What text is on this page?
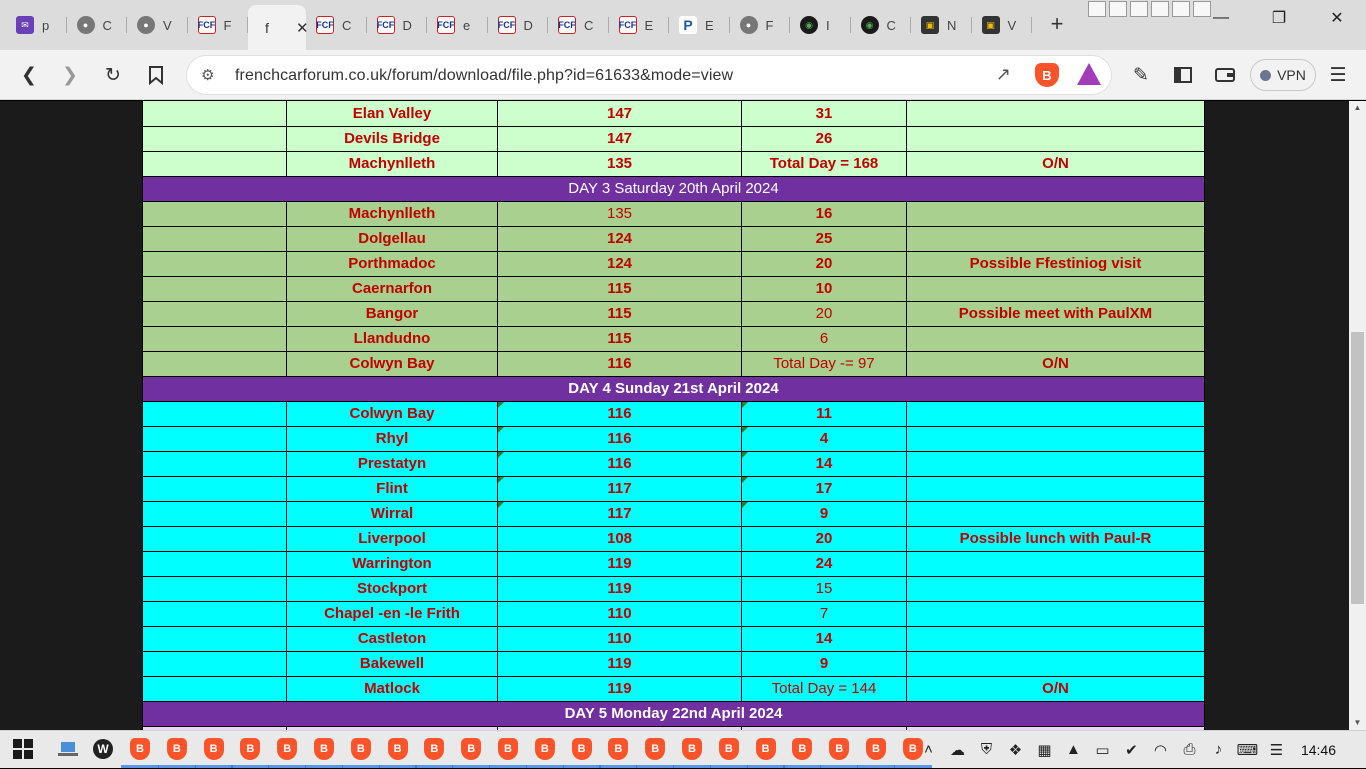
✉	p	●	C	●	V	FCF F	f	✕ FCF C	FCF D	FCF e	FCF D	FCF C	FCF E	P E	●	F	◉	I	◉	C	▣ N	▣ V +	—	❐	✕
❮ ❯ ↻	⚙ frenchcarforum.co.uk/forum/download/file.php?id=61633&mode=view	↗	B	✎	VPN ☰
	Elan Valley	147	31	
	Devils Bridge	147	26	
	Machynlleth	135	Total Day = 168	O/N
DAY 3 Saturday 20th April 2024				
	Machynlleth	135	16	
	Dolgellau	124	25	
	Porthmadoc	124	20	Possible Ffestiniog visit
	Caernarfon	115	10	
	Bangor	115	20	Possible meet with PaulXM
	Llandudno	115	6	
	Colwyn Bay	116	Total Day -= 97	O/N
DAY 4 Sunday 21st April 2024				
	Colwyn Bay	116	11	
	Rhyl	116	4	
	Prestatyn	116	14	
	Flint	117	17	
	Wirral	117	9	
	Liverpool	108	20	Possible lunch with Paul-R
	Warrington	119	24	
	Stockport	119	15	
	Chapel -en -le Frith	110	7	
	Castleton	110	14	
	Bakewell	119	9	
	Matlock	119	Total Day = 144	O/N
DAY 5 Monday 22nd April 2024				

▲
▼
W	B	B	B	B	B	B	B	B	B	B	B	B	B	B	B	B	B	B	B	B	B	B ˄	☁	⛨	❖	▦ ▲ ▭	✔	◠	⎙	♪ ⌨ ☰	14:46
